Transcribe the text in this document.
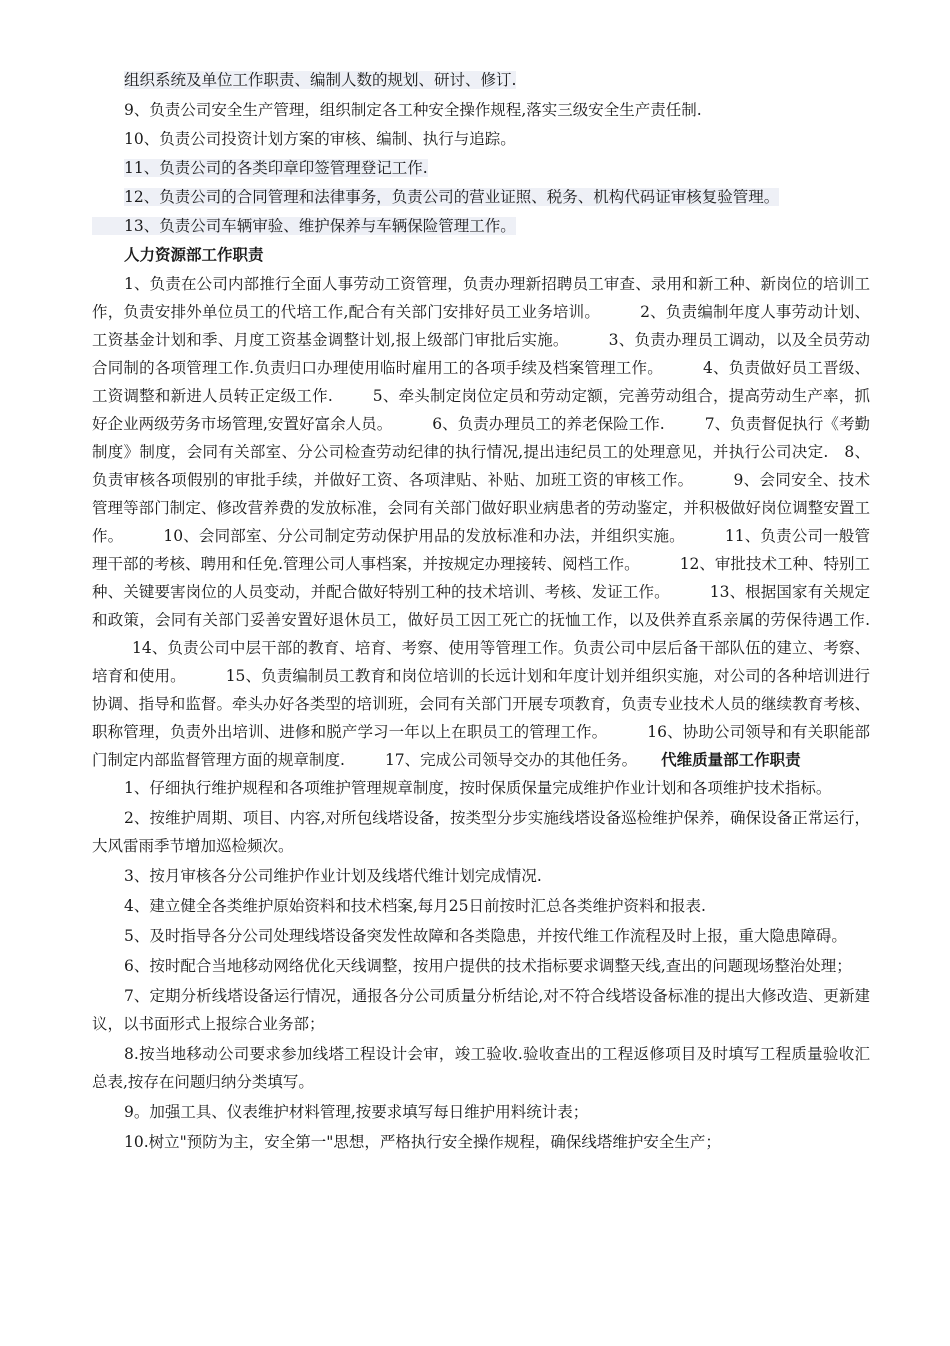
组织系统及单位工作职责、编制人数的规划、研讨、修订.
9、负责公司安全生产管理，组织制定各工种安全操作规程,落实三级安全生产责任制.
10、负责公司投资计划方案的审核、编制、执行与追踪。
11、负责公司的各类印章印签管理登记工作.
12、负责公司的合同管理和法律事务，负责公司的营业证照、税务、机构代码证审核复验管理。
13、负责公司车辆审验、维护保养与车辆保险管理工作。
人力资源部工作职责
1、负责在公司内部推行全面人事劳动工资管理，负责办理新招聘员工审查、录用和新工种、新岗位的培训工作，负责安排外单位员工的代培工作,配合有关部门安排好员工业务培训。	2、负责编制年度人事劳动计划、工资基金计划和季、月度工资基金调整计划,报上级部门审批后实施。	3、负责办理员工调动，以及全员劳动合同制的各项管理工作.负责归口办理使用临时雇用工的各项手续及档案管理工作。	4、负责做好员工晋级、工资调整和新进人员转正定级工作.	5、牵头制定岗位定员和劳动定额，完善劳动组合，提高劳动生产率，抓好企业两级劳务市场管理,安置好富余人员。	6、负责办理员工的养老保险工作.	7、负责督促执行《考勤制度》制度，会同有关部室、分公司检查劳动纪律的执行情况,提出违纪员工的处理意见，并执行公司决定. 8、负责审核各项假别的审批手续，并做好工资、各项津贴、补贴、加班工资的审核工作。	9、会同安全、技术管理等部门制定、修改营养费的发放标准，会同有关部门做好职业病患者的劳动鉴定，并积极做好岗位调整安置工作。	10、会同部室、分公司制定劳动保护用品的发放标准和办法，并组织实施。	11、负责公司一般管理干部的考核、聘用和任免.管理公司人事档案，并按规定办理接转、阅档工作。	12、审批技术工种、特别工种、关键要害岗位的人员变动，并配合做好特别工种的技术培训、考核、发证工作。	13、根据国家有关规定和政策，会同有关部门妥善安置好退休员工，做好员工因工死亡的抚恤工作，以及供养直系亲属的劳保待遇工作.14、负责公司中层干部的教育、培育、考察、使用等管理工作。负责公司中层后备干部队伍的建立、考察、培育和使用。	15、负责编制员工教育和岗位培训的长远计划和年度计划并组织实施，对公司的各种培训进行协调、指导和监督。牵头办好各类型的培训班，会同有关部门开展专项教育，负责专业技术人员的继续教育考核、职称管理，负责外出培训、进修和脱产学习一年以上在职员工的管理工作。	16、协助公司领导和有关职能部门制定内部监督管理方面的规章制度.	17、完成公司领导交办的其他任务。 代维质量部工作职责
1、仔细执行维护规程和各项维护管理规章制度，按时保质保量完成维护作业计划和各项维护技术指标。
2、按维护周期、项目、内容,对所包线塔设备，按类型分步实施线塔设备巡检维护保养，确保设备正常运行，大风雷雨季节增加巡检频次。
3、按月审核各分公司维护作业计划及线塔代维计划完成情况.
4、建立健全各类维护原始资料和技术档案,每月25日前按时汇总各类维护资料和报表.
5、及时指导各分公司处理线塔设备突发性故障和各类隐患，并按代维工作流程及时上报，重大隐患障碍。
6、按时配合当地移动网络优化天线调整，按用户提供的技术指标要求调整天线,查出的问题现场整治处理；
7、定期分析线塔设备运行情况，通报各分公司质量分析结论,对不符合线塔设备标准的提出大修改造、更新建议，以书面形式上报综合业务部；
8.按当地移动公司要求参加线塔工程设计会审，竣工验收.验收查出的工程返修项目及时填写工程质量验收汇总表,按存在问题归纳分类填写。
9。加强工具、仪表维护材料管理,按要求填写每日维护用料统计表；
10.树立"预防为主，安全第一"思想，严格执行安全操作规程，确保线塔维护安全生产；
